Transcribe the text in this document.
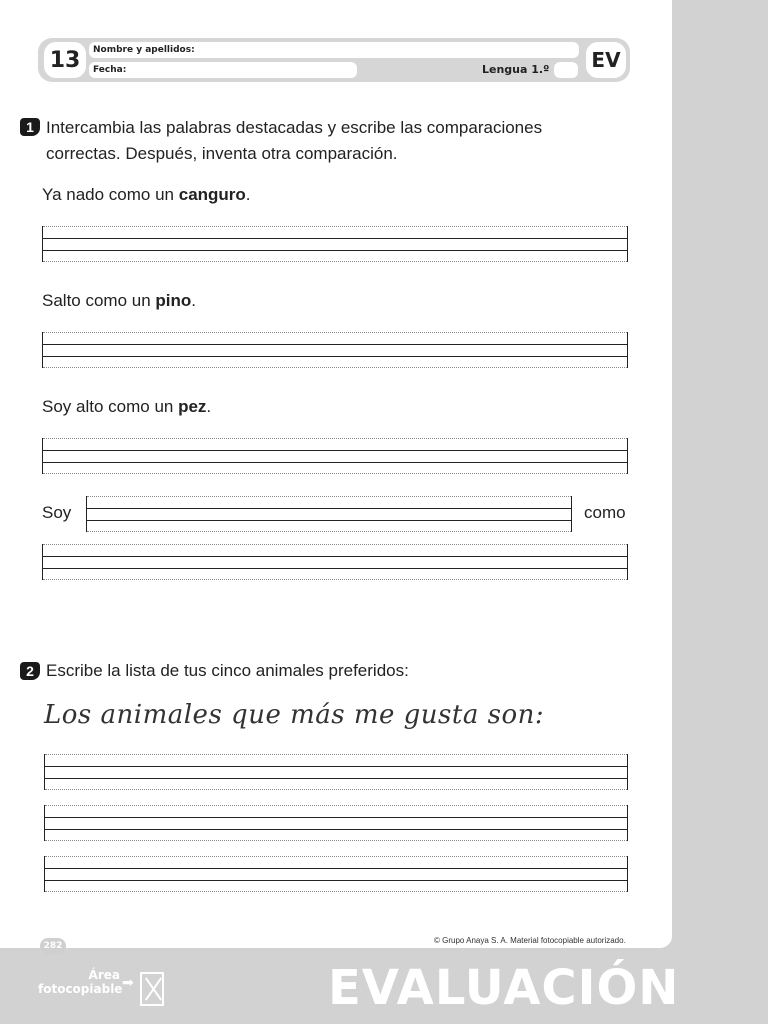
13	Nombre y apellidos:
Fecha:	Lengua 1.º EV
1 Intercambia las palabras destacadas y escribe las comparaciones correctas. Después, inventa otra comparación.
Ya nado como un canguro.
Salto como un pino.
Soy alto como un pez.
Soy	como
2 Escribe la lista de tus cinco animales preferidos:
Los animales que más me gusta son:
© Grupo Anaya S. A. Material fotocopiable autorizado.
282
Área
fotocopiable ➡	EVALUACIÓN
